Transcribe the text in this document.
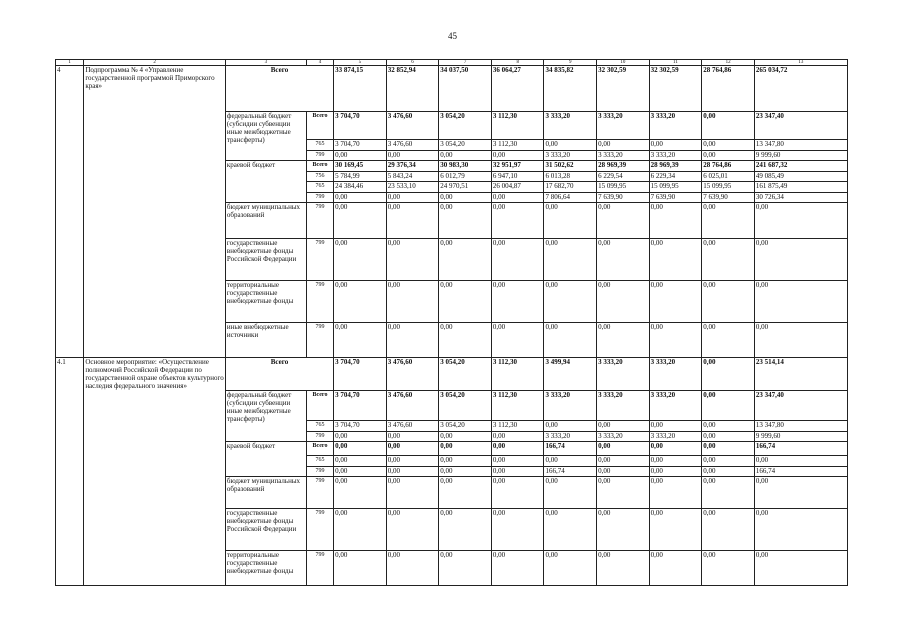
45
1	2	3	4	5	6	7	8	9	10	11	12	13
4	Подпрограмма № 4 «Управление государственной программой Приморского края»	Всего		33 874,15	32 852,94	34 037,50	36 064,27	34 835,82	32 302,59	32 302,59	28 764,86	265 034,72
		федеральный бюджет (субсидии субвенции иные межбюджетные трансферты)	Всего	3 704,70	3 476,60	3 054,20	3 112,30	3 333,20	3 333,20	3 333,20	0,00	23 347,40
			765	3 704,70	3 476,60	3 054,20	3 112,30	0,00	0,00	0,00	0,00	13 347,80
			799	0,00	0,00	0,00	0,00	3 333,20	3 333,20	3 333,20	0,00	9 999,60
		краевой бюджет	Всего	30 169,45	29 376,34	30 983,30	32 951,97	31 502,62	28 969,39	28 969,39	28 764,86	241 687,32
			756	5 784,99	5 843,24	6 012,79	6 947,10	6 013,28	6 229,54	6 229,34	6 025,01	49 085,49
			765	24 384,46	23 533,10	24 970,51	26 004,87	17 682,70	15 099,95	15 099,95	15 099,95	161 875,49
			799	0,00	0,00	0,00	0,00	7 806,64	7 639,90	7 639,90	7 639,90	30 726,34
		бюджет муниципальных образований	799	0,00	0,00	0,00	0,00	0,00	0,00	0,00	0,00	0,00
		государственные внебюджетные фонды Российской Федерации	799	0,00	0,00	0,00	0,00	0,00	0,00	0,00	0,00	0,00
		территориальные государственные внебюджетные фонды	799	0,00	0,00	0,00	0,00	0,00	0,00	0,00	0,00	0,00
		иные внебюджетные источники	799	0,00	0,00	0,00	0,00	0,00	0,00	0,00	0,00	0,00
4.1	Основное мероприятие: «Осуществление полномочий Российской Федерации по государственной охране объектов культурного наследия федерального значения»	Всего		3 704,70	3 476,60	3 054,20	3 112,30	3 499,94	3 333,20	3 333,20	0,00	23 514,14
		федеральный бюджет (субсидии субвенции иные межбюджетные трансферты)	Всего	3 704,70	3 476,60	3 054,20	3 112,30	3 333,20	3 333,20	3 333,20	0,00	23 347,40
			765	3 704,70	3 476,60	3 054,20	3 112,30	0,00	0,00	0,00	0,00	13 347,80
			799	0,00	0,00	0,00	0,00	3 333,20	3 333,20	3 333,20	0,00	9 999,60
		краевой бюджет	Всего	0,00	0,00	0,00	0,00	166,74	0,00	0,00	0,00	166,74
			765	0,00	0,00	0,00	0,00	0,00	0,00	0,00	0,00	0,00
			799	0,00	0,00	0,00	0,00	166,74	0,00	0,00	0,00	166,74
		бюджет муниципальных образований	799	0,00	0,00	0,00	0,00	0,00	0,00	0,00	0,00	0,00
		государственные внебюджетные фонды Российской Федерации	799	0,00	0,00	0,00	0,00	0,00	0,00	0,00	0,00	0,00
		территориальные государственные внебюджетные фонды	799	0,00	0,00	0,00	0,00	0,00	0,00	0,00	0,00	0,00
